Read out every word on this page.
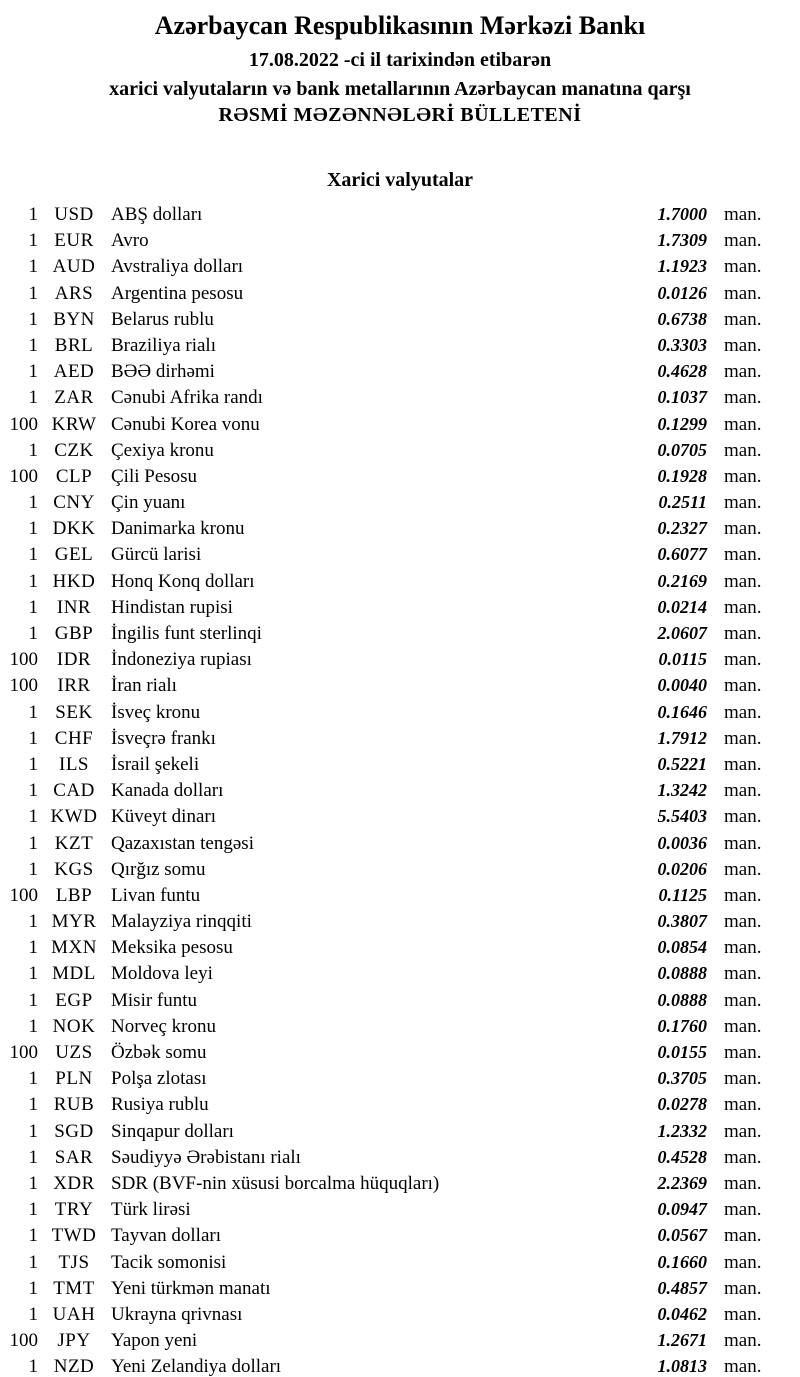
Azərbaycan Respublikasının Mərkəzi Bankı
17.08.2022 -ci il tarixindən etibarən
xarici valyutaların və bank metallarının Azərbaycan manatına qarşı
RƏSMİ MƏZƏNNƏLƏRİ BÜLLETENİ
Xarici valyutalar
1 USD ABŞ dolları	1.7000 man.
1 EUR Avro	1.7309 man.
1 AUD Avstraliya dolları	1.1923 man.
1 ARS Argentina pesosu	0.0126 man.
1 BYN Belarus rublu	0.6738 man.
1 BRL Braziliya rialı	0.3303 man.
1 AED BƏƏ dirhəmi	0.4628 man.
1 ZAR Cənubi Afrika randı	0.1037 man.
100 KRW Cənubi Korea vonu	0.1299 man.
1 CZK Çexiya kronu	0.0705 man.
100 CLP Çili Pesosu	0.1928 man.
1 CNY Çin yuanı	0.2511 man.
1 DKK Danimarka kronu	0.2327 man.
1 GEL Gürcü larisi	0.6077 man.
1 HKD Honq Konq dolları	0.2169 man.
1 INR	Hindistan rupisi	0.0214 man.
1 GBP İngilis funt sterlinqi	2.0607 man.
100 IDR	İndoneziya rupiası	0.0115 man.
100	IRR	İran rialı	0.0040 man.
1 SEK İsveç kronu	0.1646 man.
1 CHF İsveçrə frankı	1.7912 man.
1	ILS	İsrail şekeli	0.5221 man.
1 CAD Kanada dolları	1.3242 man.
1 KWD Küveyt dinarı	5.5403 man.
1 KZT Qazaxıstan tengəsi	0.0036 man.
1 KGS Qırğız somu	0.0206 man.
100 LBP Livan funtu	0.1125 man.
1 MYR Malayziya rinqqiti	0.3807 man.
1 MXN Meksika pesosu	0.0854 man.
1 MDL Moldova leyi	0.0888 man.
1 EGP Misir funtu	0.0888 man.
1 NOK Norveç kronu	0.1760 man.
100 UZS Özbək somu	0.0155 man.
1 PLN Polşa zlotası	0.3705 man.
1 RUB Rusiya rublu	0.0278 man.
1 SGD Sinqapur dolları	1.2332 man.
1 SAR Səudiyyə Ərəbistanı rialı	0.4528 man.
1 XDR SDR (BVF-nin xüsusi borcalma hüquqları)	2.2369 man.
1 TRY Türk lirəsi	0.0947 man.
1 TWD Tayvan dolları	0.0567 man.
1	TJS	Tacik somonisi	0.1660 man.
1 TMT Yeni türkmən manatı	0.4857 man.
1 UAH Ukrayna qrivnası	0.0462 man.
100	JPY	Yapon yeni	1.2671 man.
1 NZD Yeni Zelandiya dolları	1.0813 man.
